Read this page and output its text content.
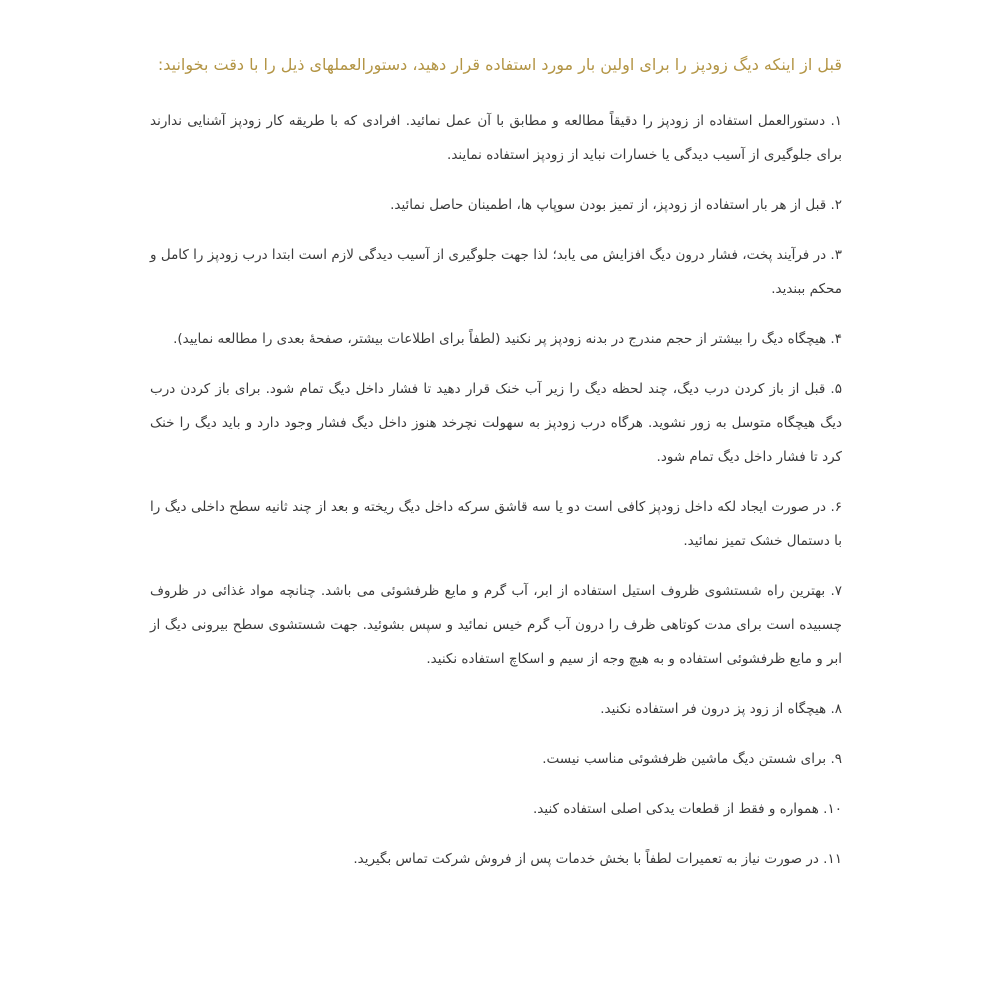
قبل از اینکه دیگ زودپز را برای اولین بار مورد استفاده قرار دهید، دستورالعملهای ذیل را با دقت بخوانید:

۱. دستورالعمل استفاده از زودپز را دقیقاً مطالعه و مطابق با آن عمل نمائید. افرادی که با طریقه کار زودپز آشنایی ندارند برای جلوگیری از آسیب دیدگی یا خسارات نباید از زودپز استفاده نمایند.

۲. قبل از هر بار استفاده از زودپز، از تمیز بودن سوپاپ ها، اطمینان حاصل نمائید.

۳. در فرآیند پخت، فشار درون دیگ افزایش می یابد؛ لذا جهت جلوگیری از آسیب دیدگی لازم است ابتدا درب زودپز را کامل و محکم ببندید.

۴. هیچگاه دیگ را بیشتر از حجم مندرج در بدنه زودپز پر نکنید (لطفاً برای اطلاعات بیشتر، صفحهٔ بعدی را مطالعه نمایید).

۵. قبل از باز کردن درب دیگ، چند لحظه دیگ را زیر آب خنک قرار دهید تا فشار داخل دیگ تمام شود. برای باز کردن درب دیگ هیچگاه متوسل به زور نشوید. هرگاه درب زودپز به سهولت نچرخد هنوز داخل دیگ فشار وجود دارد و باید دیگ را خنک کرد تا فشار داخل دیگ تمام شود.

۶. در صورت ایجاد لکه داخل زودپز کافی است دو یا سه قاشق سرکه داخل دیگ ریخته و بعد از چند ثانیه سطح داخلی دیگ را با دستمال خشک تمیز نمائید.

۷. بهترین راه شستشوی ظروف استیل استفاده از ابر، آب گرم و مایع ظرفشوئی می باشد. چنانچه مواد غذائی در ظروف چسبیده است برای مدت کوتاهی ظرف را درون آب گرم خیس نمائید و سپس بشوئید. جهت شستشوی سطح بیرونی دیگ از ابر و مایع ظرفشوئی استفاده و به هیچ وجه از سیم و اسکاچ استفاده نکنید.

۸. هیچگاه از زود پز درون فر استفاده نکنید.

۹. برای شستن دیگ ماشین ظرفشوئی مناسب نیست.

۱۰. همواره و فقط از قطعات یدکی اصلی استفاده کنید.

۱۱. در صورت نیاز به تعمیرات لطفاً با بخش خدمات پس از فروش شرکت تماس بگیرید.
